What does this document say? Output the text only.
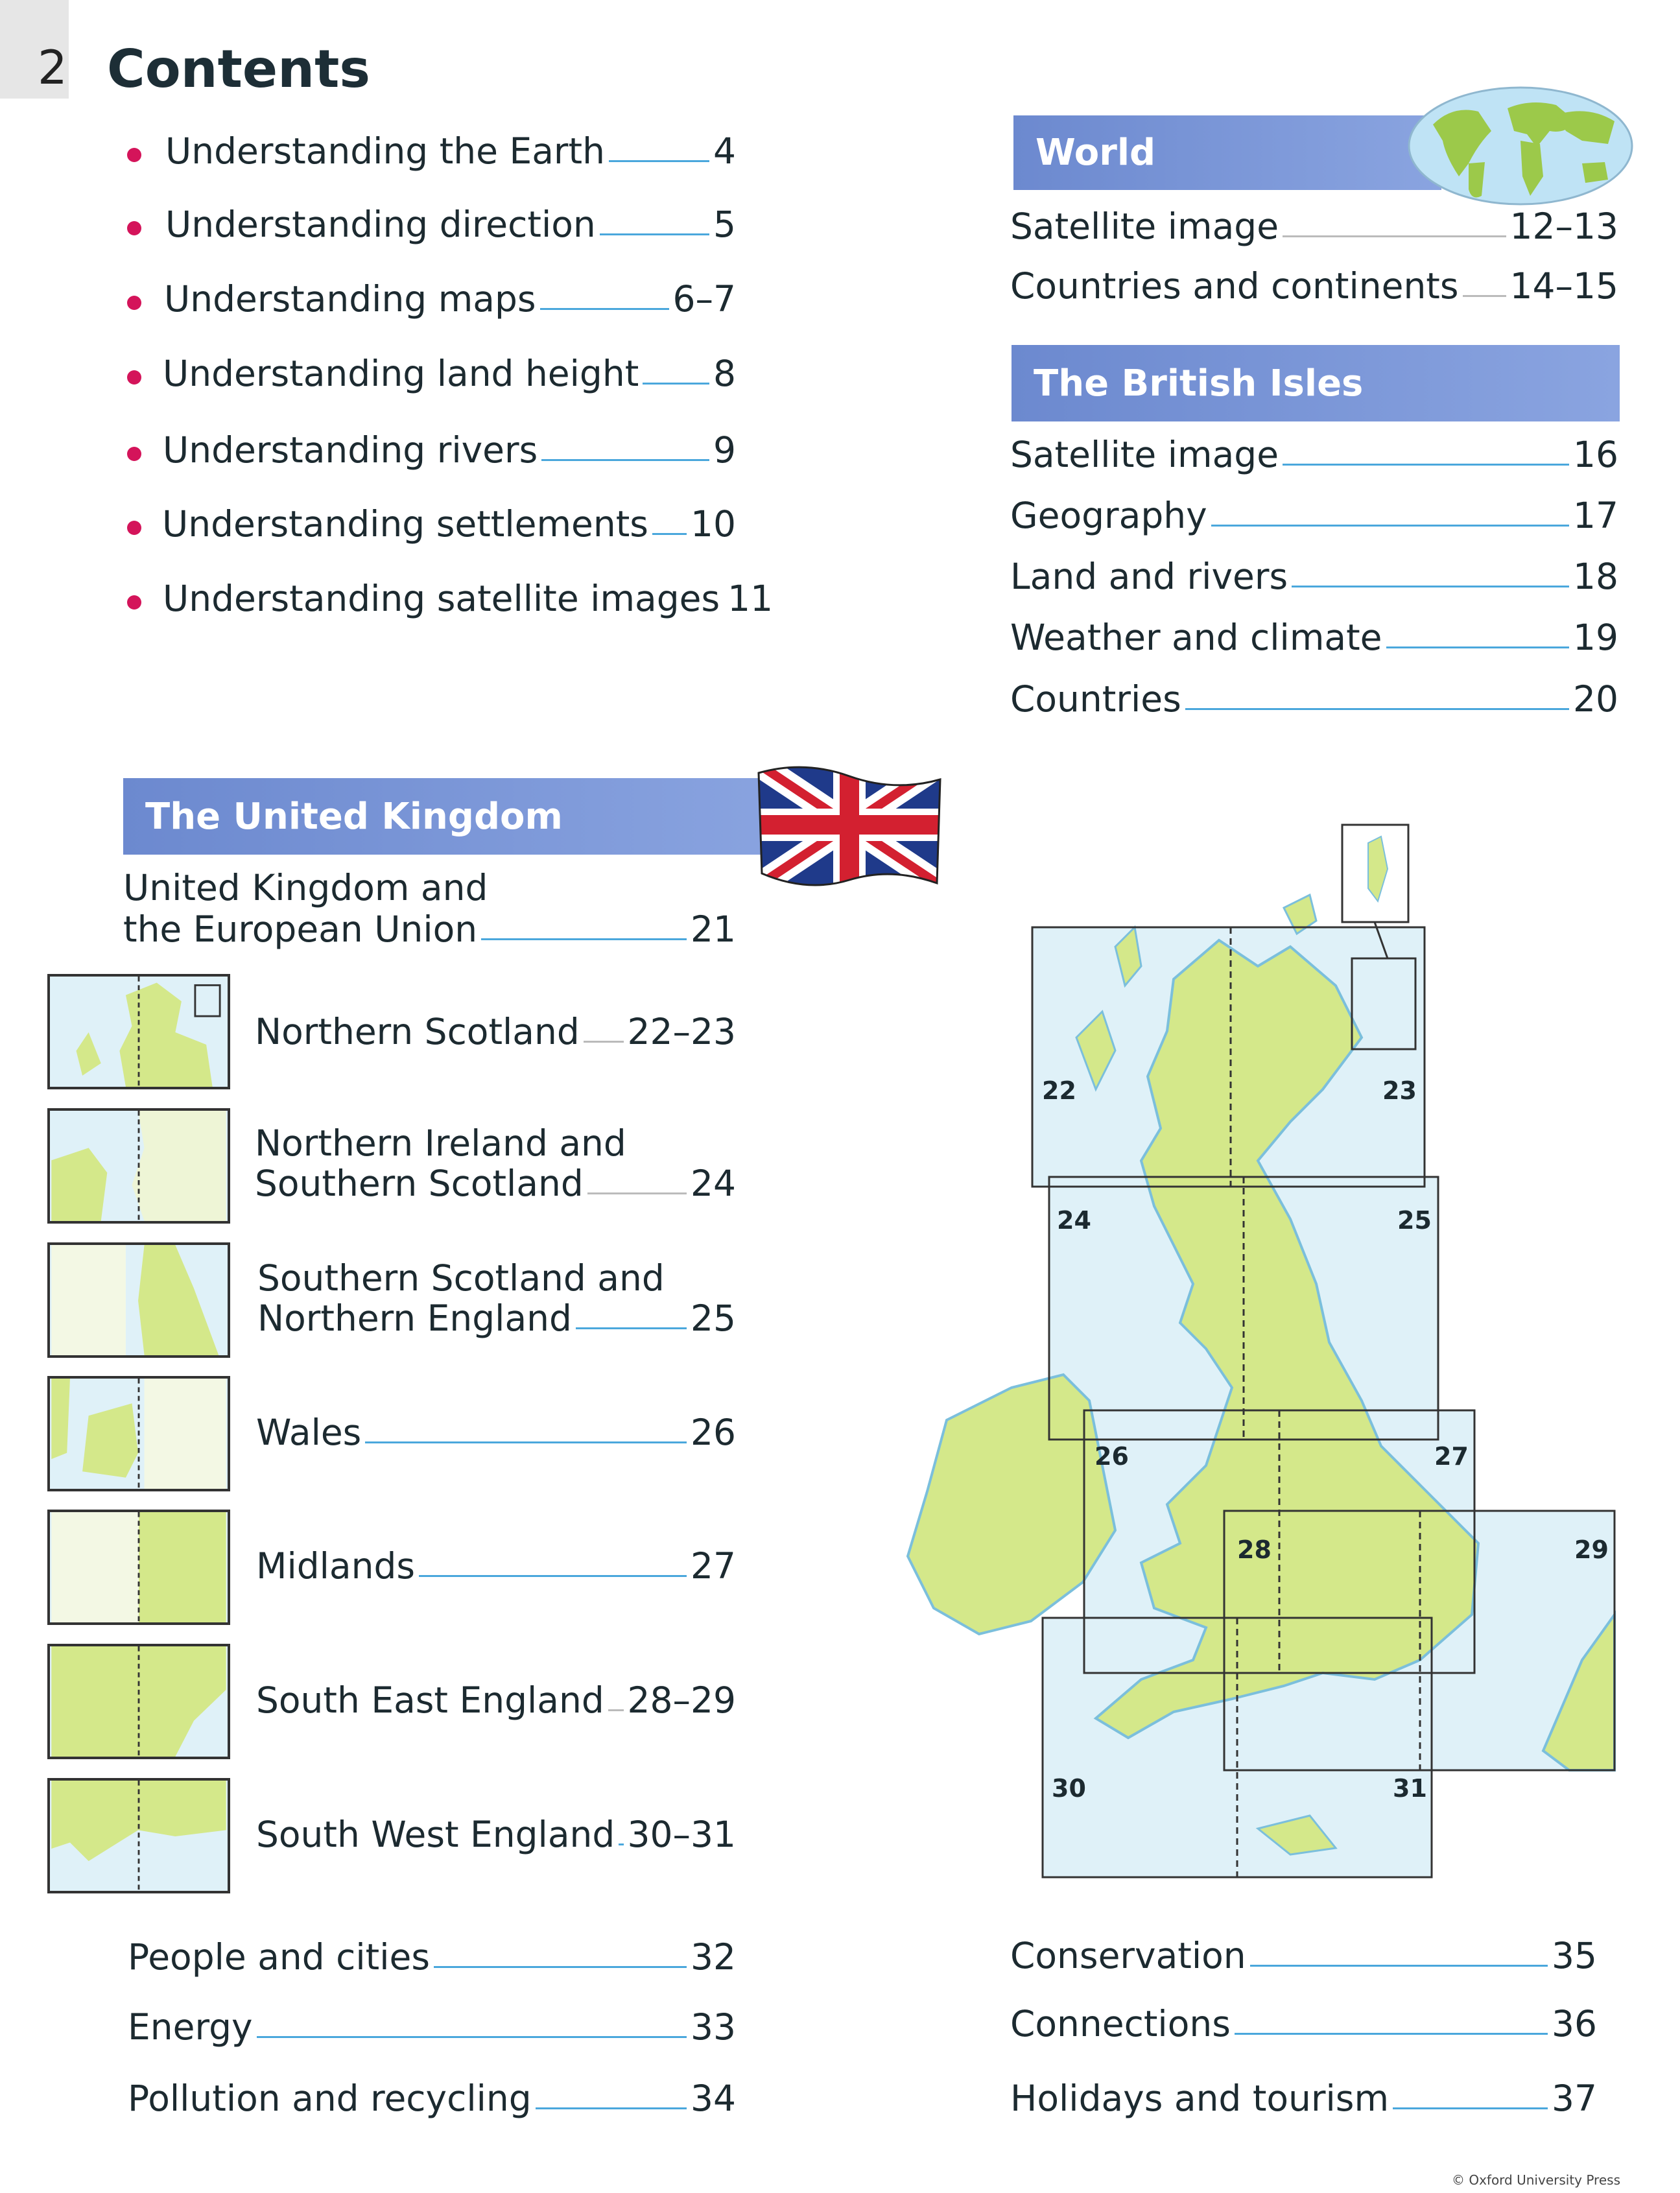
2 Contents
Understanding the Earth	4
Understanding direction	5
Understanding maps	6–7
Understanding land height 8
Understanding rivers	9
Understanding settlements 10
Understanding satellite images 11
World
Satellite image	12–13
Countries and continents 14–15
The British Isles
Satellite image	16
Geography	17
Land and rivers	18
Weather and climate	19
Countries	20
The United Kingdom
United Kingdom and
the European Union	21
Northern Scotland 22–23
Northern Ireland and
Southern Scotland	24
Southern Scotland and
Northern England	25
Wales	26
Midlands	27
South East England 28–29
South West England 30–31
People and cities	32
Energy	33
Pollution and recycling	34
Conservation	35
Connections	36
Holidays and tourism	37
22	23
24	25
26	27
28	29
30	31
© Oxford University Press
